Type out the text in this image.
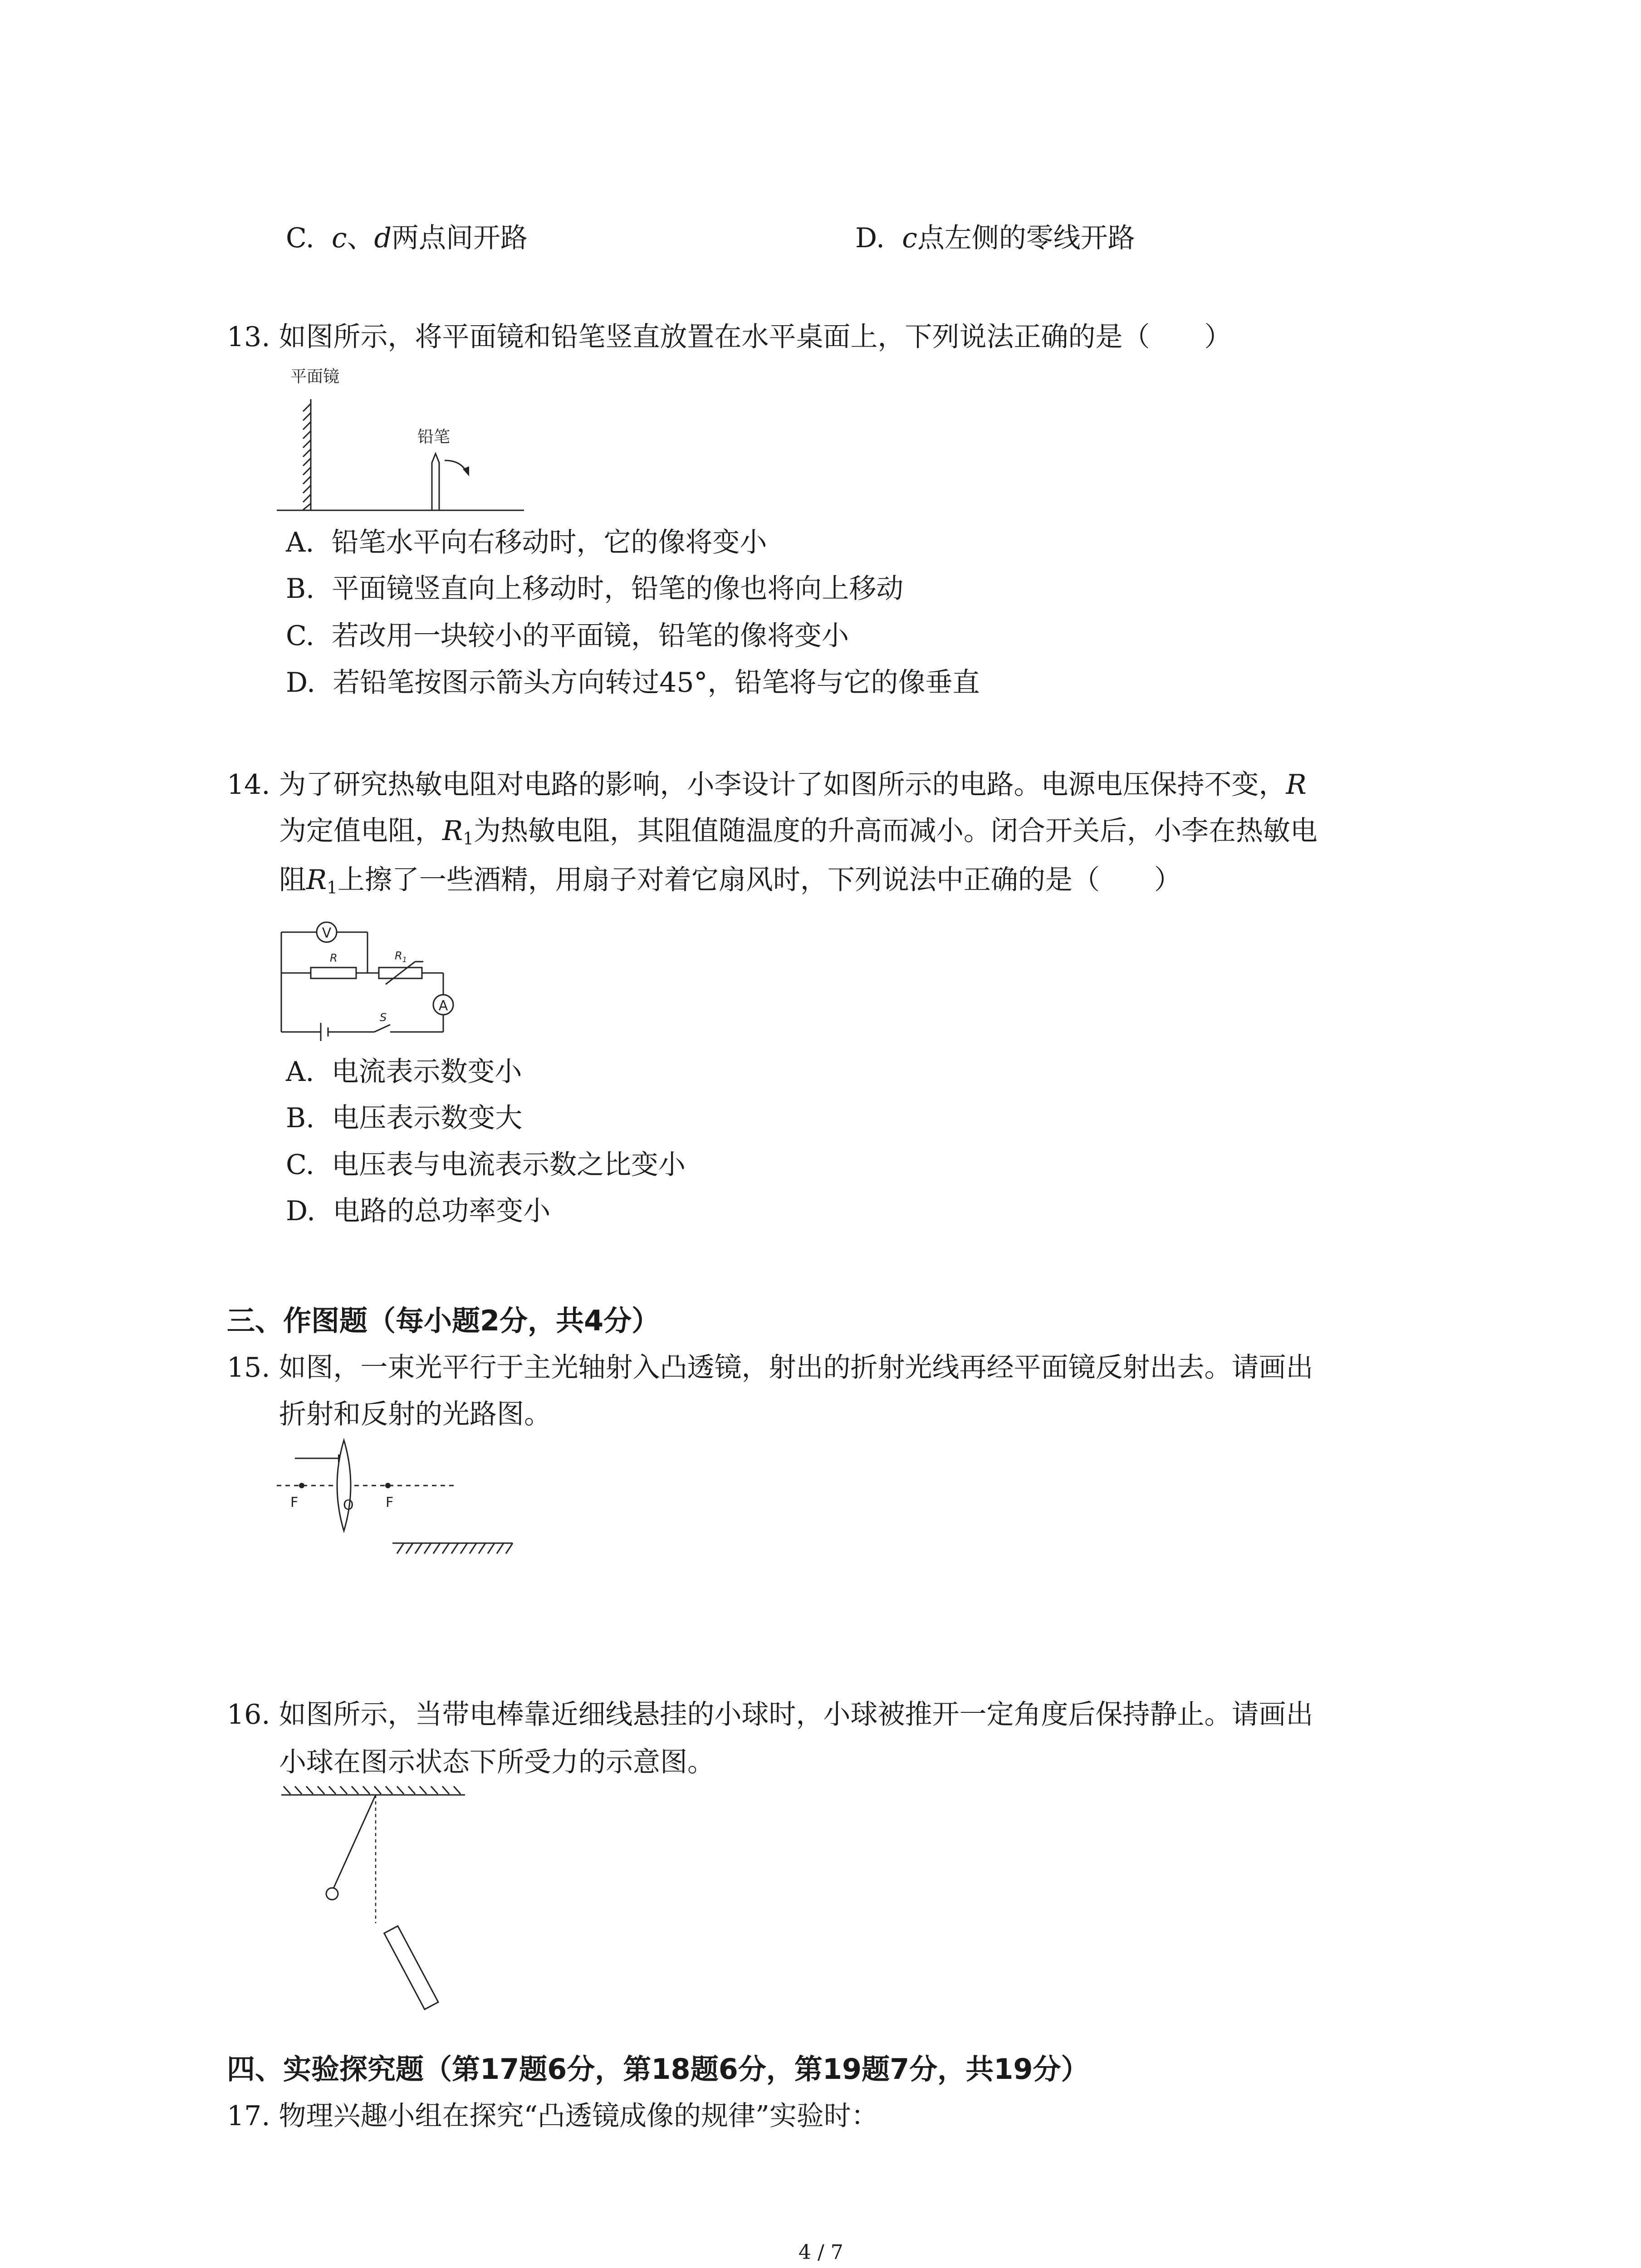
C. c、d两点间开路	D. c点左侧的零线开路
13. 如图所示，将平面镜和铅笔竖直放置在水平桌面上，下列说法正确的是（　　）
平面镜
铅笔
A. 铅笔水平向右移动时，它的像将变小
B. 平面镜竖直向上移动时，铅笔的像也将向上移动
C. 若改用一块较小的平面镜，铅笔的像将变小
D. 若铅笔按图示箭头方向转过45°，铅笔将与它的像垂直
14. 为了研究热敏电阻对电路的影响，小李设计了如图所示的电路。电源电压保持不变，R
为定值电阻，$R_1$为热敏电阻，其阻值随温度的升高而减小。闭合开关后，小李在热敏电
阻$R_1$上擦了一些酒精，用扇子对着它扇风时，下列说法中正确的是（　　）
V
A
R	$R_1$
S
A. 电流表示数变小
B. 电压表示数变大
C. 电压表与电流表示数之比变小
D. 电路的总功率变小
三、作图题（每小题2分，共4分）
15. 如图，一束光平行于主光轴射入凸透镜，射出的折射光线再经平面镜反射出去。请画出
折射和反射的光路图。
F	O F
16. 如图所示，当带电棒靠近细线悬挂的小球时，小球被推开一定角度后保持静止。请画出
小球在图示状态下所受力的示意图。
四、实验探究题（第17题6分，第18题6分，第19题7分，共19分）
17. 物理兴趣小组在探究“凸透镜成像的规律”实验时：
4 / 7
